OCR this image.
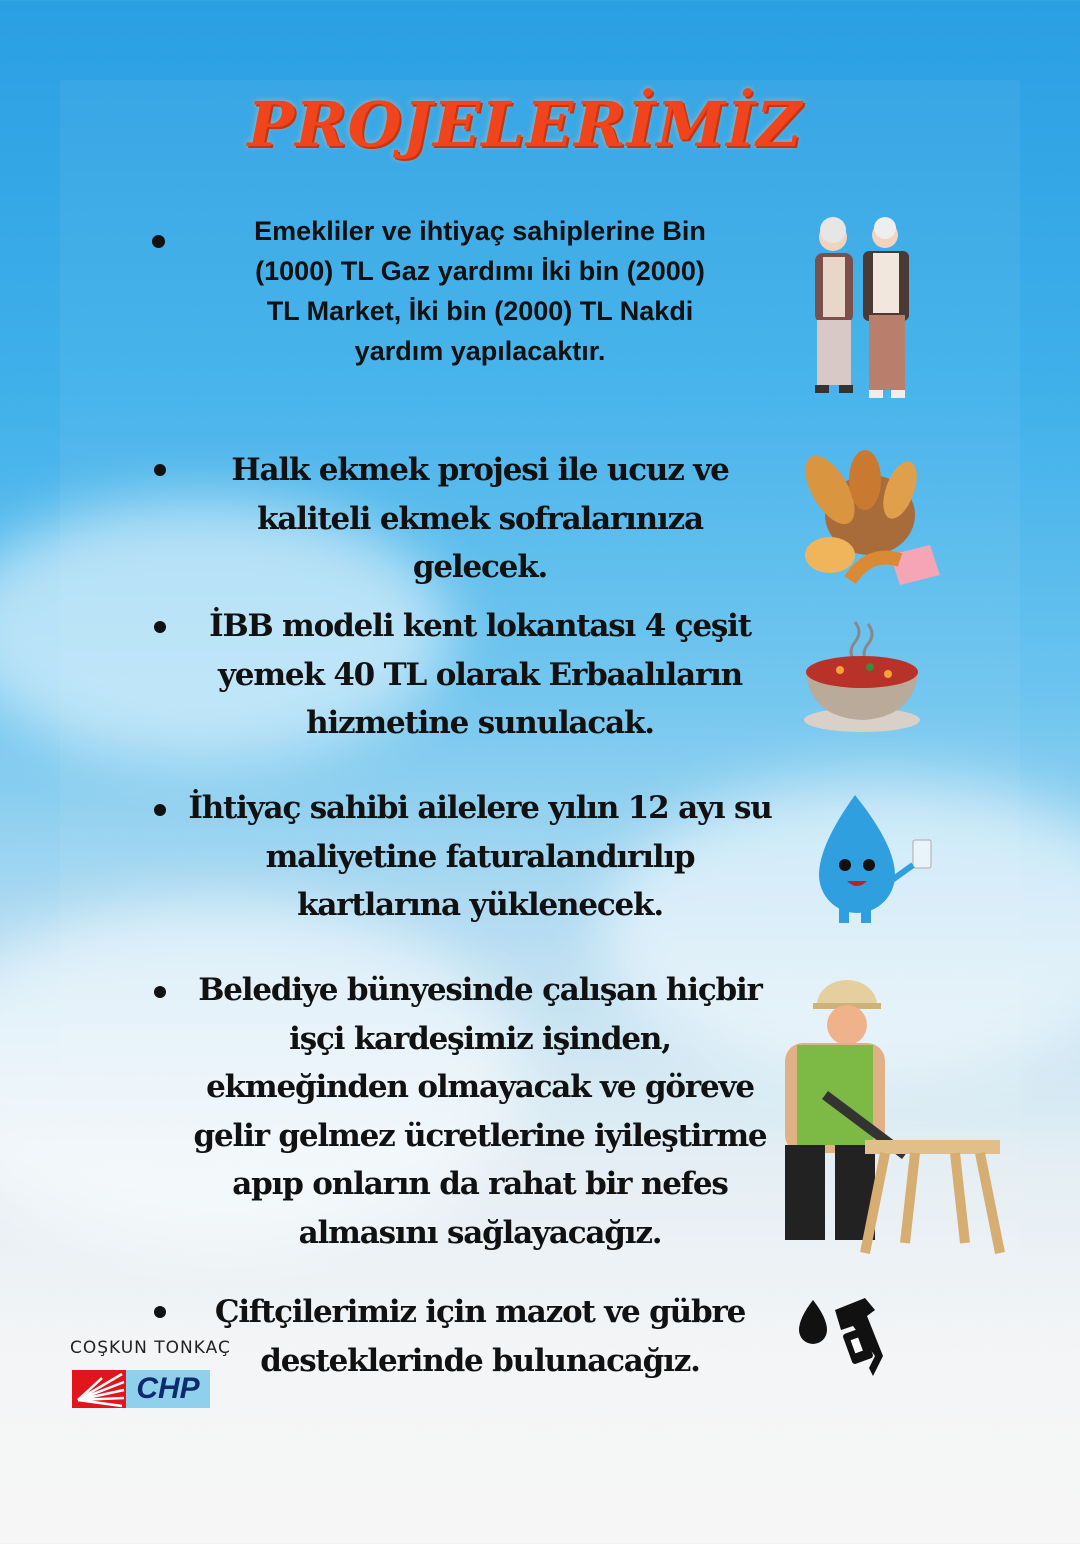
PROJELERİMİZ
Emekliler ve ihtiyaç sahiplerine Bin
(1000) TL Gaz yardımı İki bin (2000)
TL Market, İki bin (2000) TL Nakdi
yardım yapılacaktır.
Halk ekmek projesi ile ucuz ve
kaliteli ekmek sofralarınıza
gelecek.
İBB modeli kent lokantası 4 çeşit
yemek 40 TL olarak Erbaalıların
hizmetine sunulacak.
İhtiyaç sahibi ailelere yılın 12 ayı su
maliyetine faturalandırılıp
kartlarına yüklenecek.
Belediye bünyesinde çalışan hiçbir
işçi kardeşimiz işinden,
ekmeğinden olmayacak ve göreve
gelir gelmez ücretlerine iyileştirme
apıp onların da rahat bir nefes
almasını sağlayacağız.
Çiftçilerimiz için mazot ve gübre
desteklerinde bulunacağız.
COŞKUN TONKAÇ
CHP
